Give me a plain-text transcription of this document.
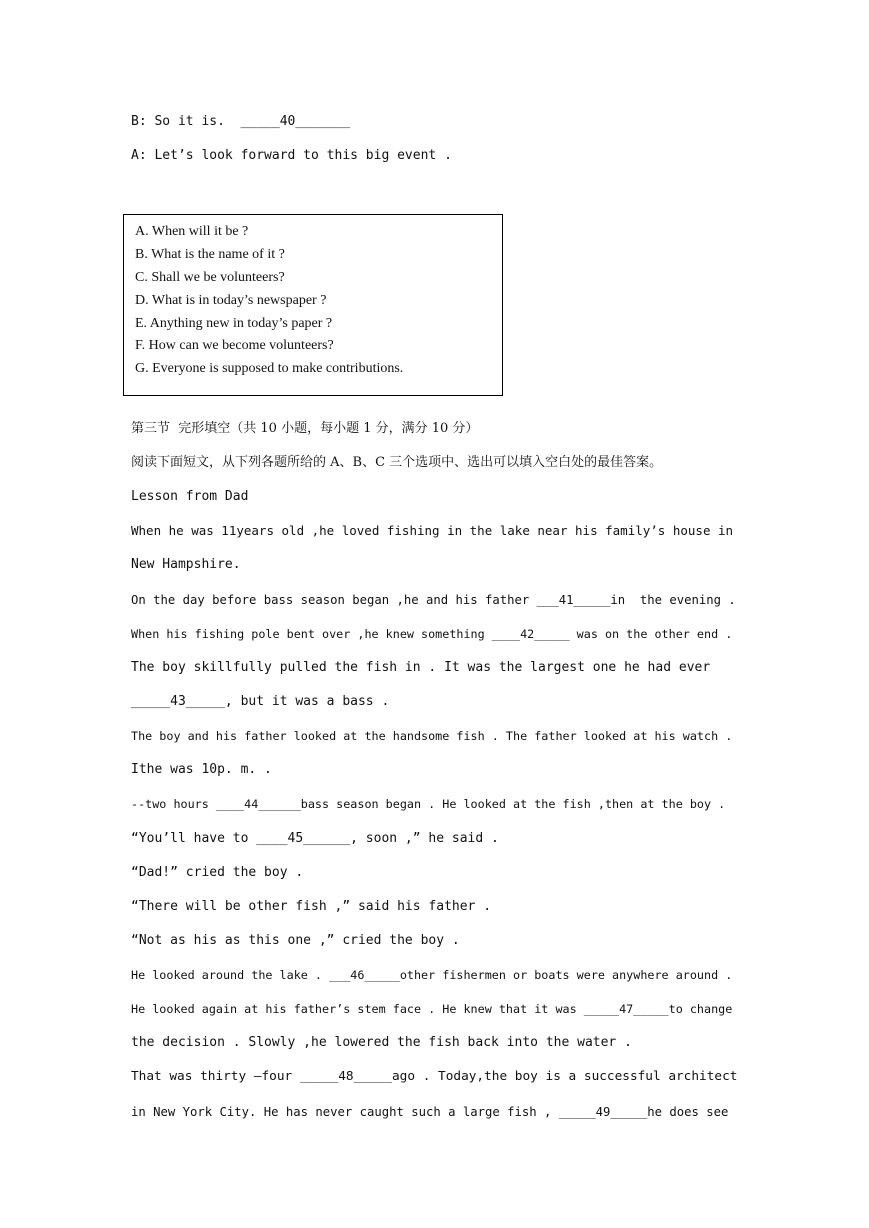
B: So it is.  _____40_______
A: Let’s look forward to this big event .
A. When will it be ?
B. What is the name of it ?
C. Shall we be volunteers?
D. What is in today’s newspaper ?
E. Anything new in today’s paper ?
F. How can we become volunteers?
G. Everyone is supposed to make contributions.
第三节  完形填空（共 10 小题，每小题 1 分，满分 10 分）
阅读下面短文，从下列各题所给的 A、B、C 三个选项中、选出可以填入空白处的最佳答案。
Lesson from Dad
When he was 11years old ,he loved fishing in the lake near his family’s house in
New Hampshire.
On the day before bass season began ,he and his father ___41_____in  the evening .
When his fishing pole bent over ,he knew something ____42_____ was on the other end .
The boy skillfully pulled the fish in . It was the largest one he had ever
_____43_____, but it was a bass .
The boy and his father looked at the handsome fish . The father looked at his watch .
Ithe was 10p. m. .
--two hours ____44______bass season began . He looked at the fish ,then at the boy .
“You’ll have to ____45______, soon ,” he said .
“Dad!” cried the boy .
“There will be other fish ,” said his father .
“Not as his as this one ,” cried the boy .
He looked around the lake . ___46_____other fishermen or boats were anywhere around .
He looked again at his father’s stem face . He knew that it was _____47_____to change
the decision . Slowly ,he lowered the fish back into the water .
That was thirty –four _____48_____ago . Today,the boy is a successful architect
in New York City. He has never caught such a large fish , _____49_____he does see
